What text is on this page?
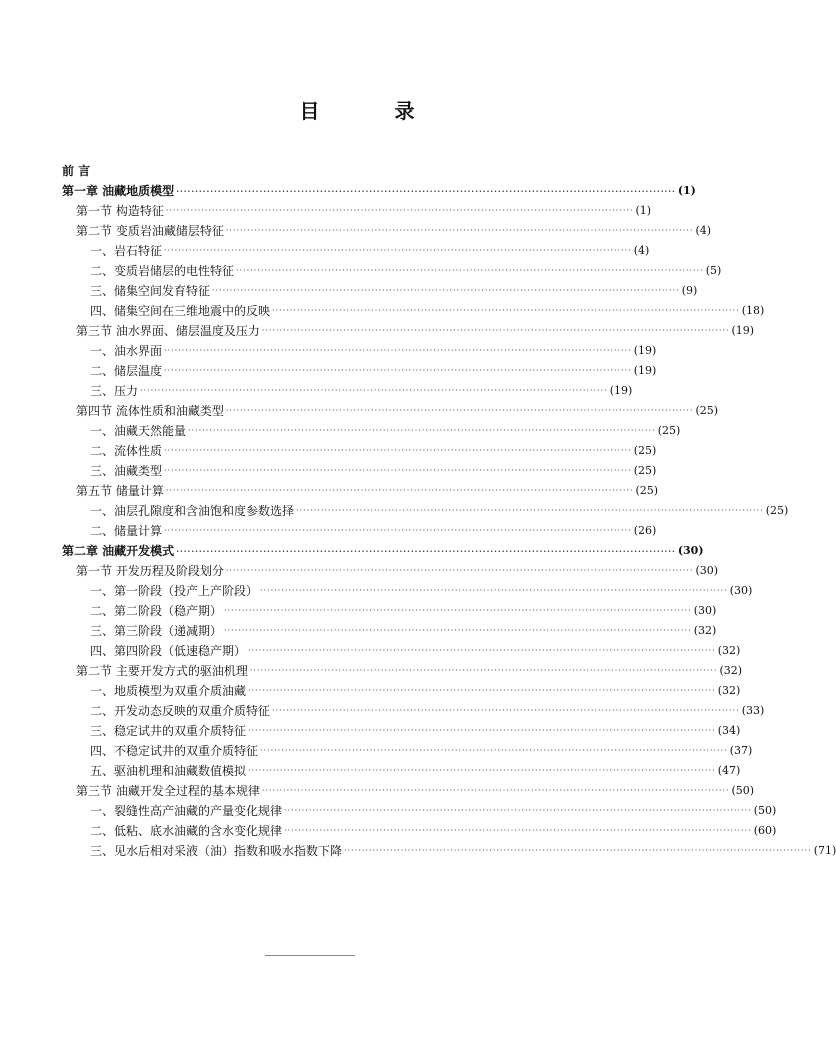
目 录
前 言
第一章 油藏地质模型 ···································································································································· (1)
第一节 构造特征 ···································································································································· (1)
第二节 变质岩油藏储层特征 ···································································································································· (4)
一、岩石特征 ···································································································································· (4)
二、变质岩储层的电性特征 ···································································································································· (5)
三、储集空间发育特征 ···································································································································· (9)
四、储集空间在三维地震中的反映 ···································································································································· (18)
第三节 油水界面、储层温度及压力 ···································································································································· (19)
一、油水界面 ···································································································································· (19)
二、储层温度 ···································································································································· (19)
三、压力 ···································································································································· (19)
第四节 流体性质和油藏类型 ···································································································································· (25)
一、油藏天然能量 ···································································································································· (25)
二、流体性质 ···································································································································· (25)
三、油藏类型 ···································································································································· (25)
第五节 储量计算 ···································································································································· (25)
一、油层孔隙度和含油饱和度参数选择 ···································································································································· (25)
二、储量计算 ···································································································································· (26)
第二章 油藏开发模式 ···································································································································· (30)
第一节 开发历程及阶段划分 ···································································································································· (30)
一、第一阶段（投产上产阶段） ···································································································································· (30)
二、第二阶段（稳产期） ···································································································································· (30)
三、第三阶段（递减期） ···································································································································· (32)
四、第四阶段（低速稳产期） ···································································································································· (32)
第二节 主要开发方式的驱油机理 ···································································································································· (32)
一、地质模型为双重介质油藏 ···································································································································· (32)
二、开发动态反映的双重介质特征 ···································································································································· (33)
三、稳定试井的双重介质特征 ···································································································································· (34)
四、不稳定试井的双重介质特征 ···································································································································· (37)
五、驱油机理和油藏数值模拟 ···································································································································· (47)
第三节 油藏开发全过程的基本规律 ···································································································································· (50)
一、裂缝性高产油藏的产量变化规律 ···································································································································· (50)
二、低粘、底水油藏的含水变化规律 ···································································································································· (60)
三、见水后相对采液（油）指数和吸水指数下降 ···································································································································· (71)
